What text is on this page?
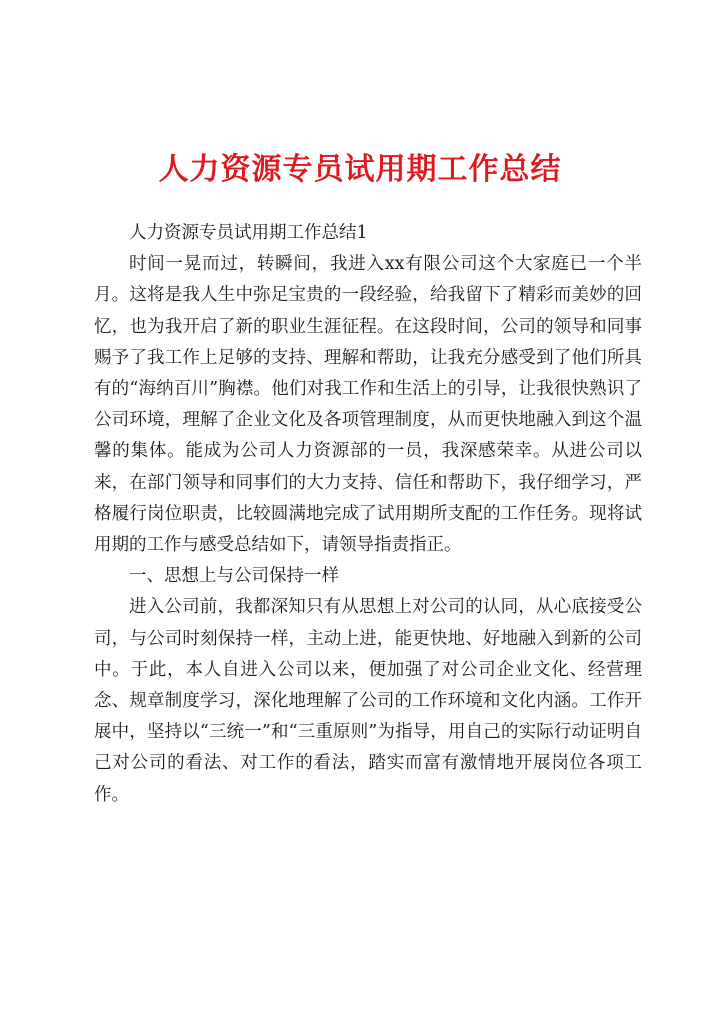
人力资源专员试用期工作总结

人力资源专员试用期工作总结1

时间一晃而过，转瞬间，我进入xx有限公司这个大家庭已一个半月。这将是我人生中弥足宝贵的一段经验，给我留下了精彩而美妙的回忆，也为我开启了新的职业生涯征程。在这段时间，公司的领导和同事赐予了我工作上足够的支持、理解和帮助，让我充分感受到了他们所具有的“海纳百川”胸襟。他们对我工作和生活上的引导，让我很快熟识了公司环境，理解了企业文化及各项管理制度，从而更快地融入到这个温馨的集体。能成为公司人力资源部的一员，我深感荣幸。从进公司以来，在部门领导和同事们的大力支持、信任和帮助下，我仔细学习，严格履行岗位职责，比较圆满地完成了试用期所支配的工作任务。现将试用期的工作与感受总结如下，请领导指责指正。

一、思想上与公司保持一样

进入公司前，我都深知只有从思想上对公司的认同，从心底接受公司，与公司时刻保持一样，主动上进，能更快地、好地融入到新的公司中。于此，本人自进入公司以来，便加强了对公司企业文化、经营理念、规章制度学习，深化地理解了公司的工作环境和文化内涵。工作开展中，坚持以“三统一”和“三重原则”为指导，用自己的实际行动证明自己对公司的看法、对工作的看法，踏实而富有激情地开展岗位各项工作。
